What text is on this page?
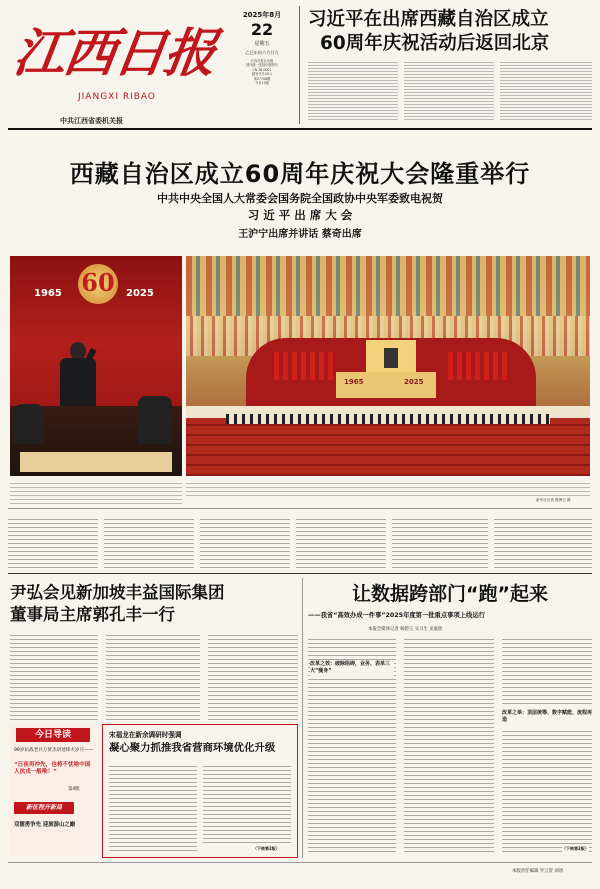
江西日报
JIANGXI RIBAO
中共江西省委机关报
2025年8月
22
星期五
乙巳年闰六月廿九
江西日报社出版
国内统一连续出版物号
CN 36-0001
邮发代号43-1
第27708期
今日12版
习近平在出席西藏自治区成立
60周年庆祝活动后返回北京
西藏自治区成立60周年庆祝大会隆重举行
中共中央全国人大常委会国务院全国政协中央军委致电祝贺
习 近 平 出 席 大 会
王沪宁出席并讲话 蔡奇出席
60
1965	2025
1965	2025
新华社记者 殷博古 摄
尹弘会见新加坡丰益国际集团
董事局主席郭孔丰一行
今日导读
99岁抗战老兵万贤杰讲述烽火岁月——
“日夜再冲先，也将不忧啥中国人抗戎一般唯！”
第4版
新征程开新局
双擂勇争先 迎旅游山之巅
宋福龙在新余调研时强调
凝心聚力抓推我省营商环境优化升级
（下转第2版）
让数据跨部门“跑”起来
——我省“高效办成一件事”2025年度第一批重点事项上线运行
本报全媒体记者 杨碧玉 实习生 龙嘉欣
改革之举：顶层统筹、数字赋能、流程再造
改革之效：破除阻碍，业务、表单三大“瘦身”
（下转第2版）
本版责任编辑 罗云贺 刘谱
